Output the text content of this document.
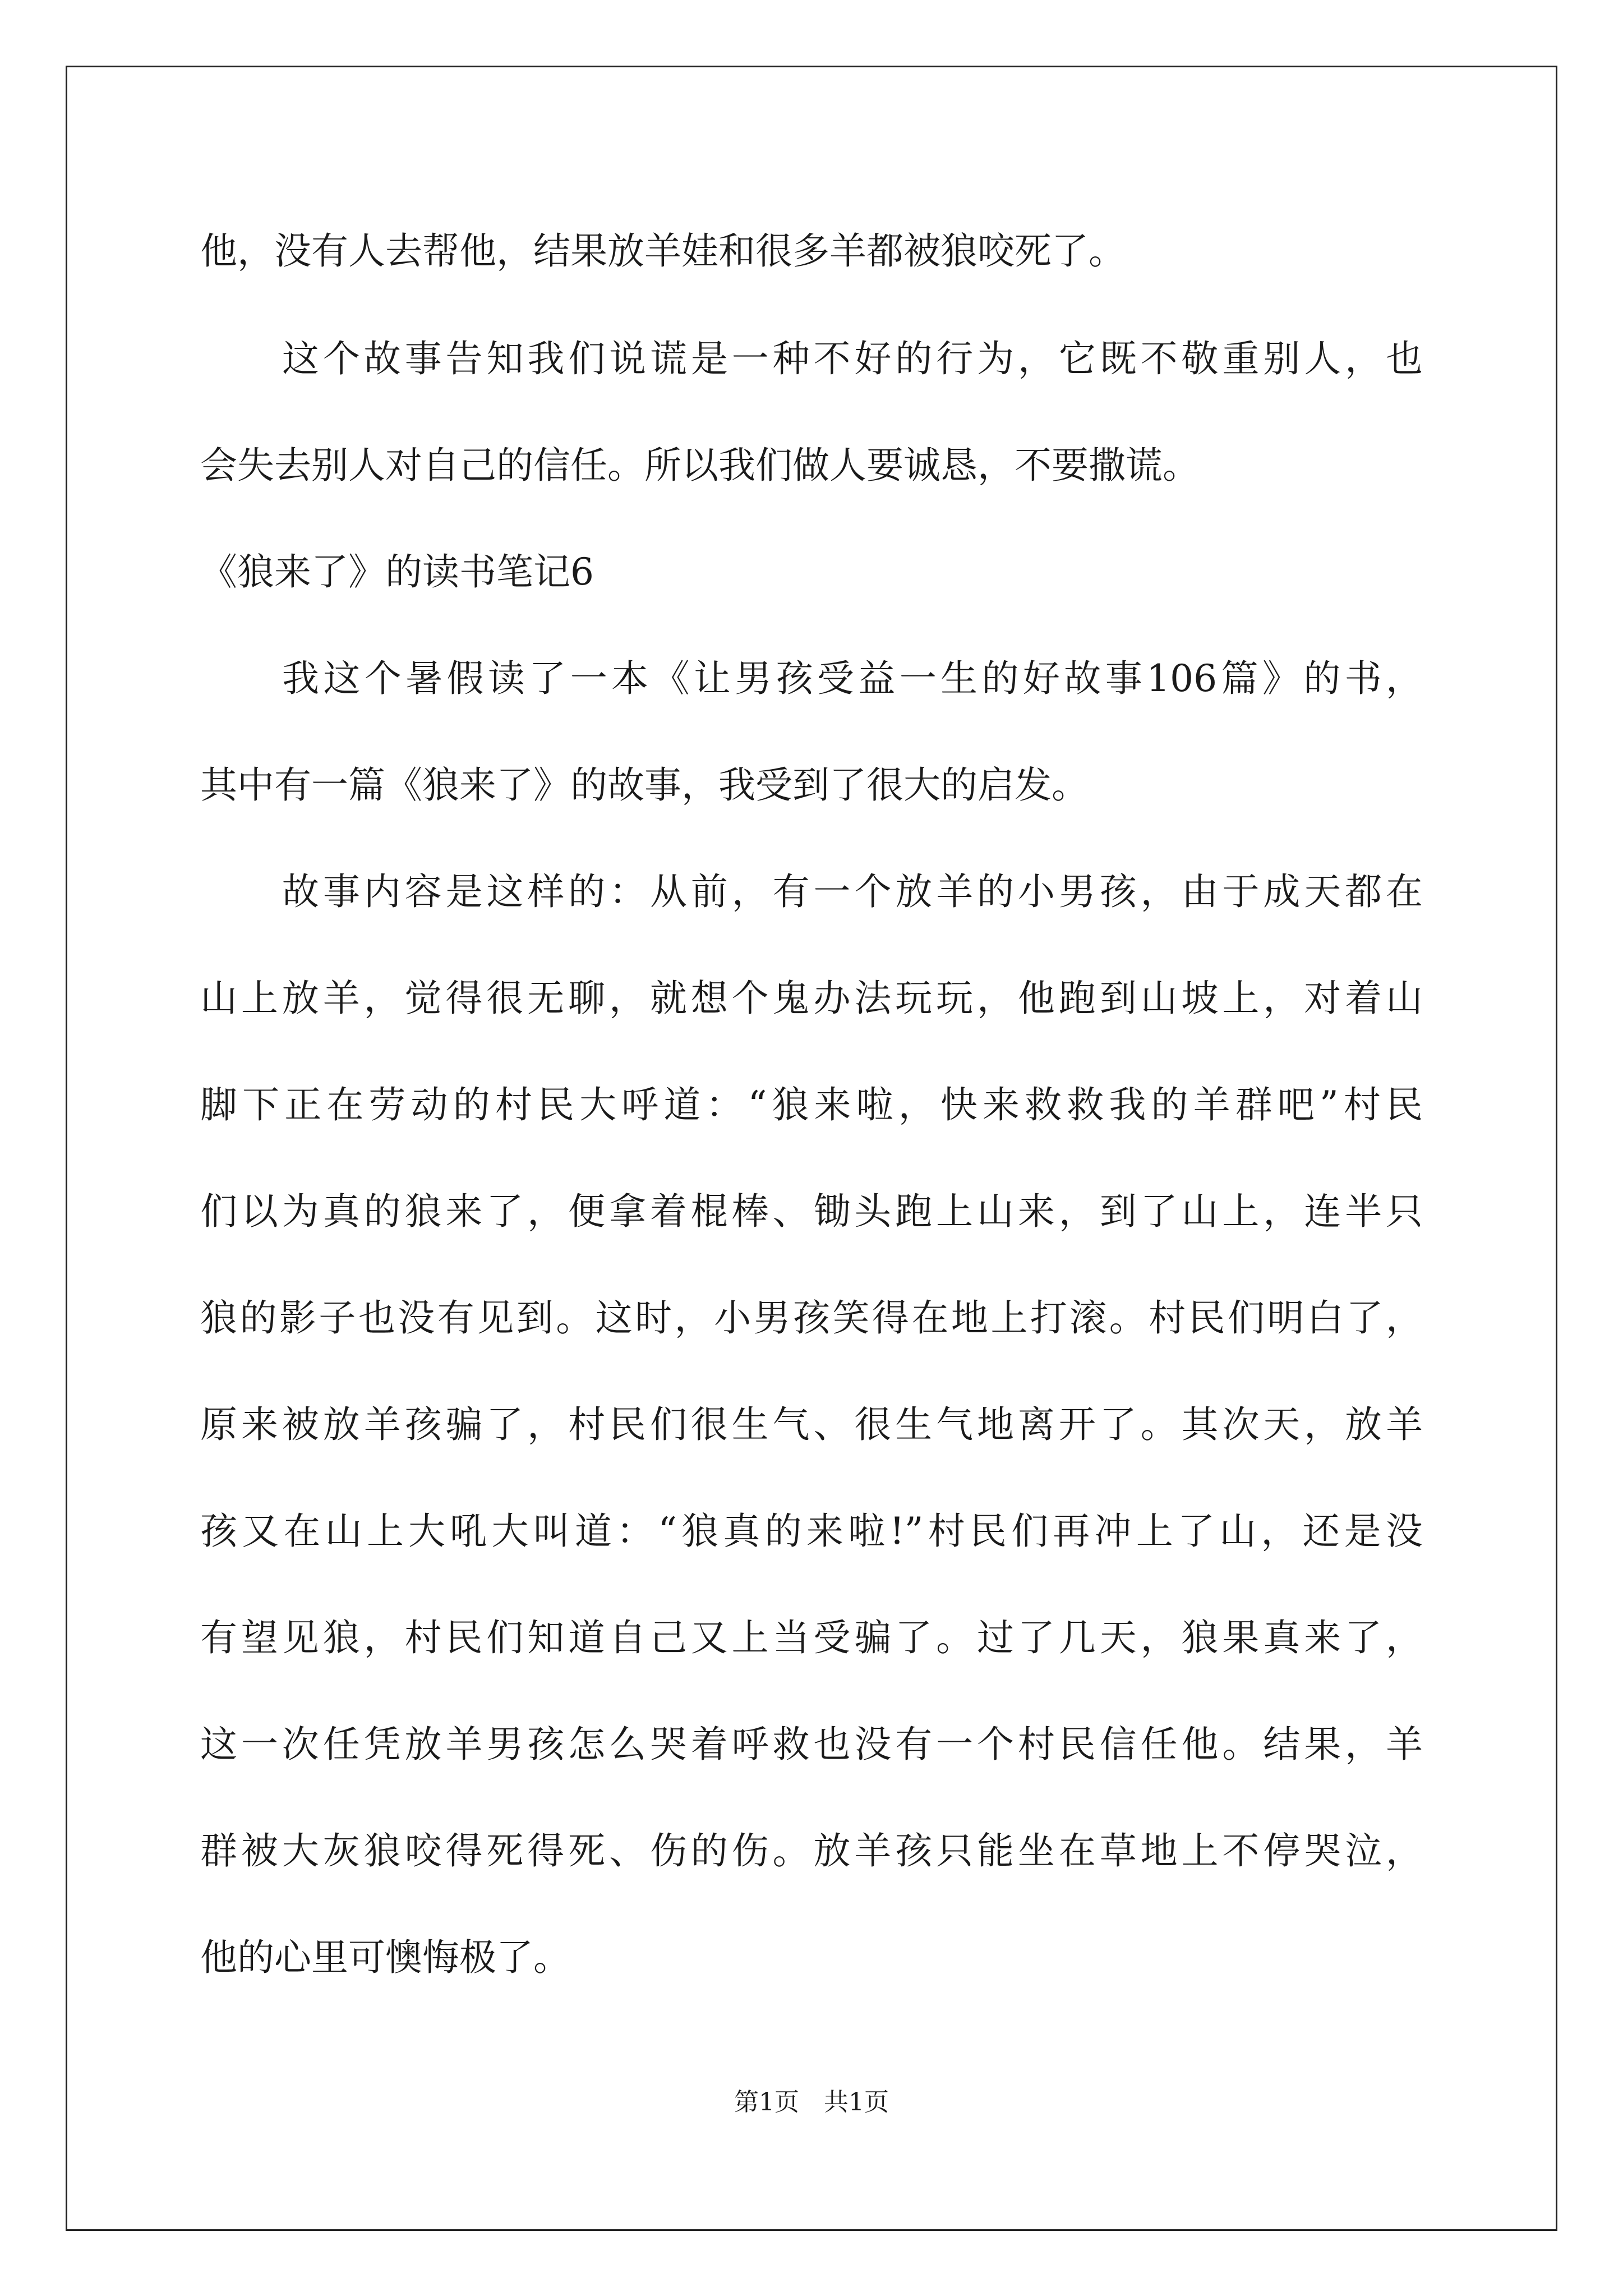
他，没有人去帮他，结果放羊娃和很多羊都被狼咬死了。
这个故事告知我们说谎是一种不好的行为，它既不敬重别人，也
会失去别人对自己的信任。所以我们做人要诚恳，不要撒谎。
《狼来了》的读书笔记6
我这个暑假读了一本《让男孩受益一生的好故事106篇》的书，
其中有一篇《狼来了》的故事，我受到了很大的启发。
故事内容是这样的：从前，有一个放羊的小男孩，由于成天都在
山上放羊，觉得很无聊，就想个鬼办法玩玩，他跑到山坡上，对着山
脚下正在劳动的村民大呼道：“狼来啦，快来救救我的羊群吧”村民
们以为真的狼来了，便拿着棍棒、锄头跑上山来，到了山上，连半只
狼的影子也没有见到。这时，小男孩笑得在地上打滚。村民们明白了，
原来被放羊孩骗了，村民们很生气、很生气地离开了。其次天，放羊
孩又在山上大吼大叫道：“狼真的来啦!”村民们再冲上了山，还是没
有望见狼，村民们知道自己又上当受骗了。过了几天，狼果真来了，
这一次任凭放羊男孩怎么哭着呼救也没有一个村民信任他。结果，羊
群被大灰狼咬得死得死、伤的伤。放羊孩只能坐在草地上不停哭泣，
他的心里可懊悔极了。
第1页　共1页
